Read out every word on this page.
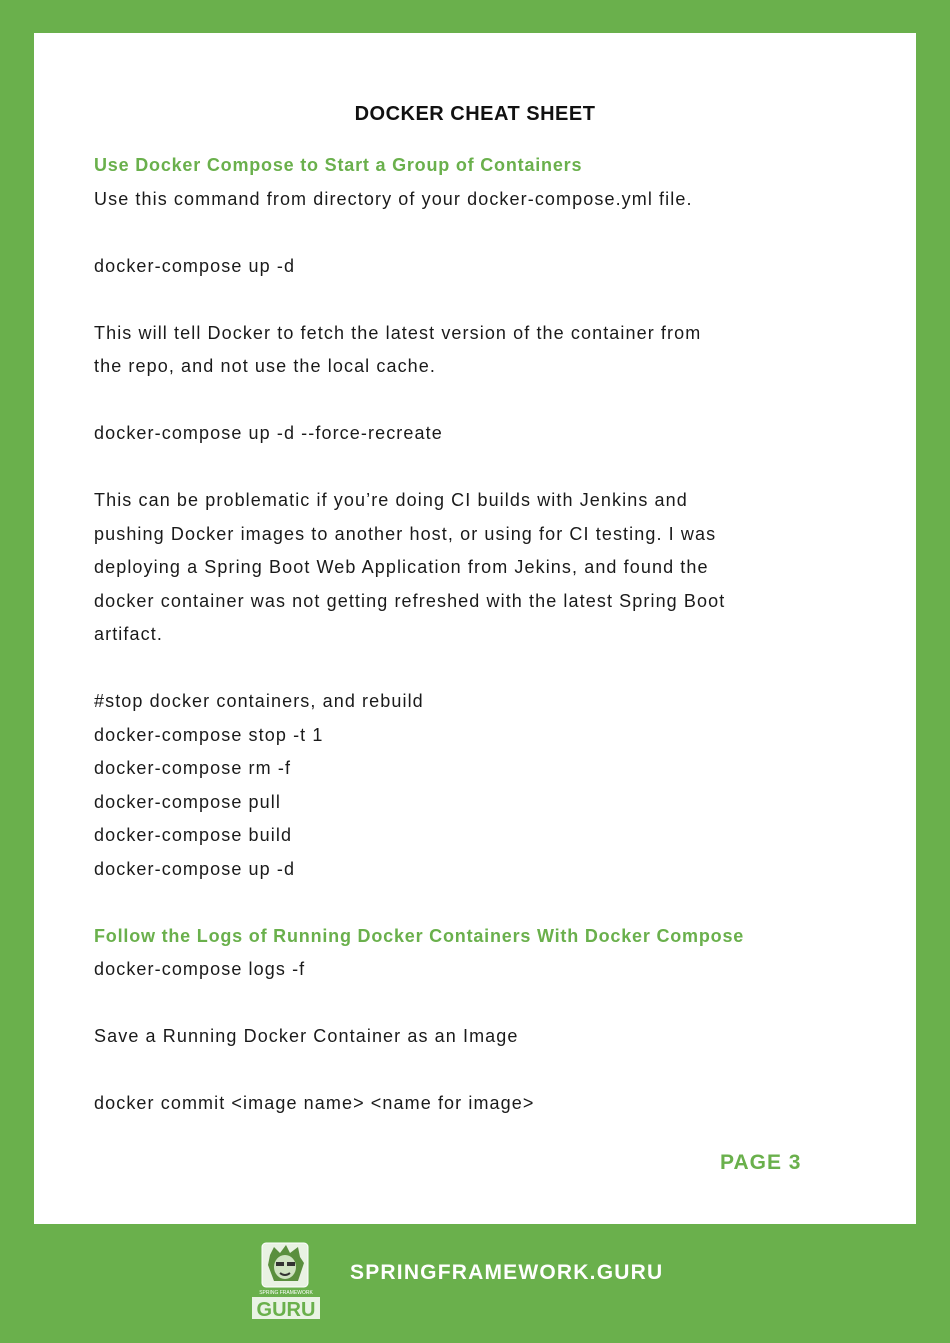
DOCKER CHEAT SHEET
Use Docker Compose to Start a Group of Containers
Use this command from directory of your docker-compose.yml file.
docker-compose up -d
This will tell Docker to fetch the latest version of the container from
the repo, and not use the local cache.
docker-compose up -d --force-recreate
This can be problematic if you’re doing CI builds with Jenkins and
pushing Docker images to another host, or using for CI testing. I was
deploying a Spring Boot Web Application from Jekins, and found the
docker container was not getting refreshed with the latest Spring Boot
artifact.
#stop docker containers, and rebuild
docker-compose stop -t 1
docker-compose rm -f
docker-compose pull
docker-compose build
docker-compose up -d
Follow the Logs of Running Docker Containers With Docker Compose
docker-compose logs -f
Save a Running Docker Container as an Image
docker commit <image name> <name for image>
PAGE 3
SPRING FRAMEWORK
GURU
SPRINGFRAMEWORK.GURU
